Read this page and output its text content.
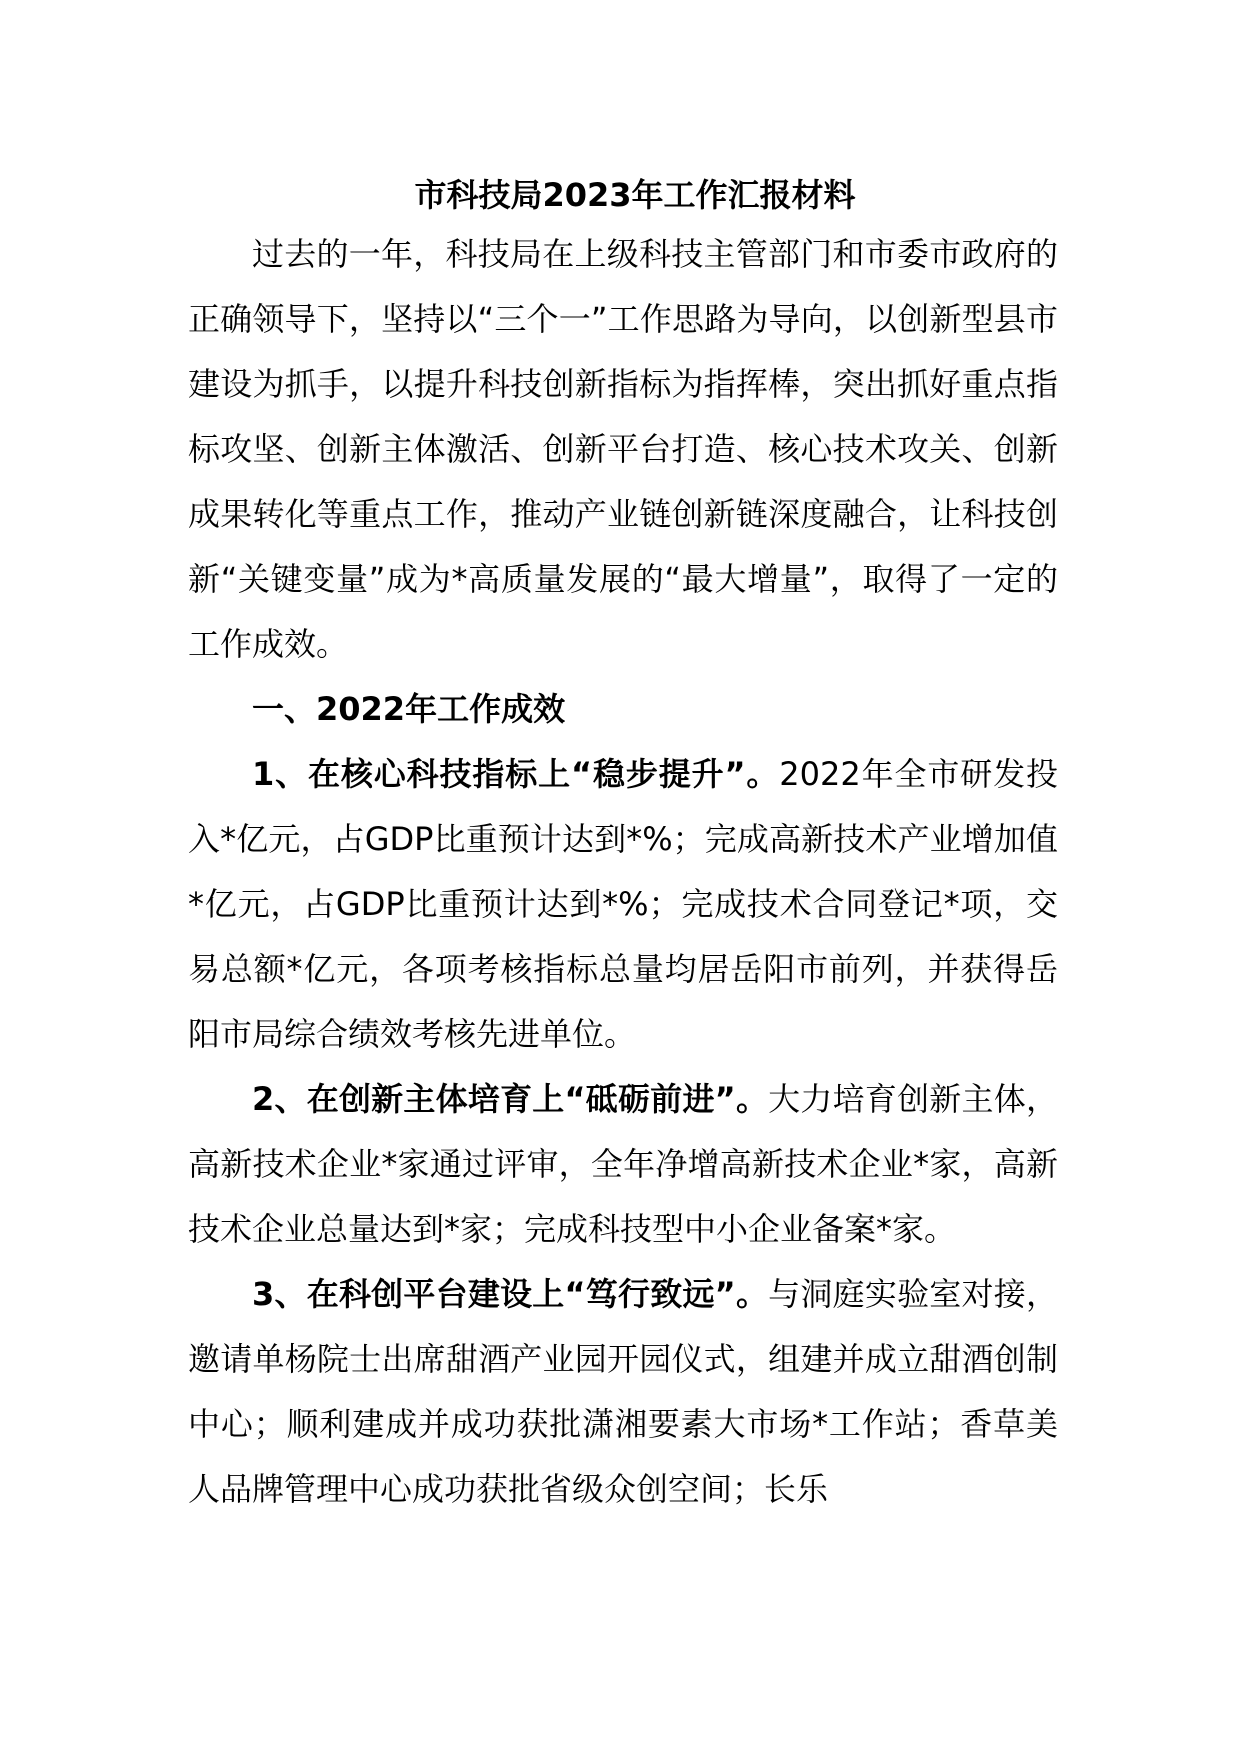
市科技局2023年工作汇报材料

过去的一年，科技局在上级科技主管部门和市委市政府的正确领导下，坚持以“三个一”工作思路为导向，以创新型县市建设为抓手，以提升科技创新指标为指挥棒，突出抓好重点指标攻坚、创新主体激活、创新平台打造、核心技术攻关、创新成果转化等重点工作，推动产业链创新链深度融合，让科技创新“关键变量”成为*高质量发展的“最大增量”，取得了一定的工作成效。

一、2022年工作成效

1、在核心科技指标上“稳步提升”。2022年全市研发投入*亿元，占GDP比重预计达到*%；完成高新技术产业增加值*亿元，占GDP比重预计达到*%；完成技术合同登记*项，交易总额*亿元，各项考核指标总量均居岳阳市前列，并获得岳阳市局综合绩效考核先进单位。

2、在创新主体培育上“砥砺前进”。大力培育创新主体，高新技术企业*家通过评审，全年净增高新技术企业*家，高新技术企业总量达到*家；完成科技型中小企业备案*家。

3、在科创平台建设上“笃行致远”。与洞庭实验室对接，邀请单杨院士出席甜酒产业园开园仪式，组建并成立甜酒创制中心；顺利建成并成功获批潇湘要素大市场*工作站；香草美人品牌管理中心成功获批省级众创空间；长乐
